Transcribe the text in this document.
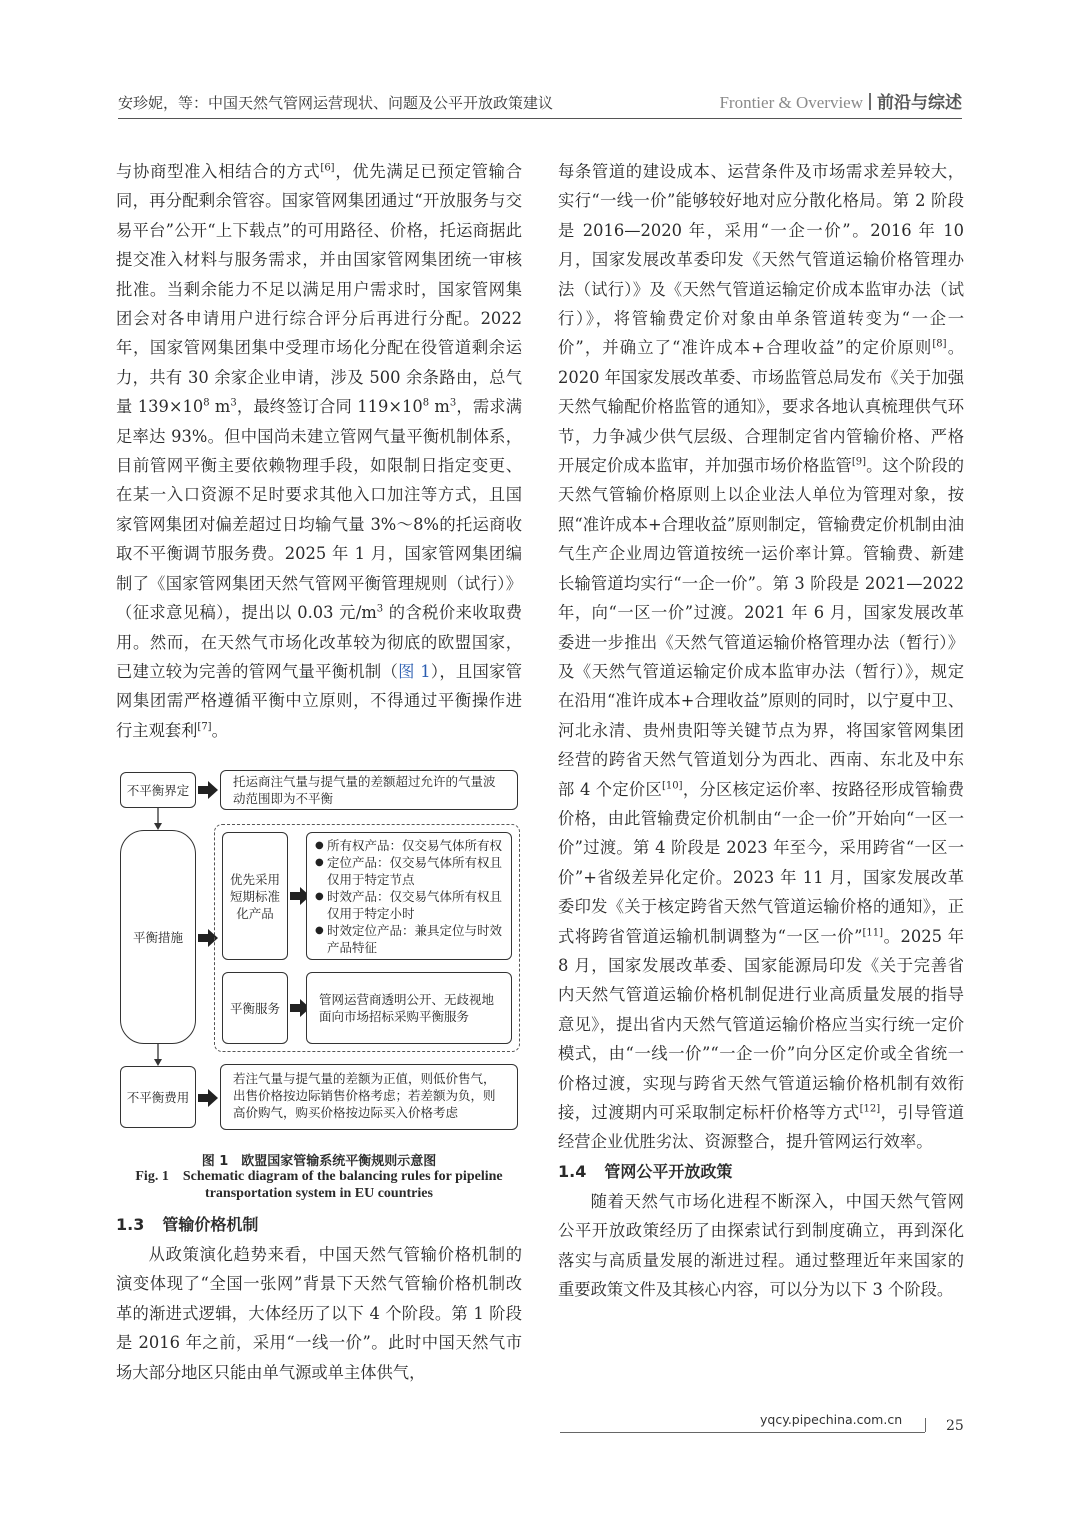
安珍妮，等：中国天然气管网运营现状、问题及公平开放政策建议	Frontier & Overview 前沿与综述

与协商型准入相结合的方式[6]，优先满足已预定管输合同，再分配剩余管容。国家管网集团通过“开放服务与交易平台”公开“上下载点”的可用路径、价格，托运商据此提交准入材料与服务需求，并由国家管网集团统一审核批准。当剩余能力不足以满足用户需求时，国家管网集团会对各申请用户进行综合评分后再进行分配。2022 年，国家管网集团集中受理市场化分配在役管道剩余运力，共有 30 余家企业申请，涉及 500 余条路由，总气量 $139\times 10^8$ $m^3$，最终签订合同 $119\times 10^8$ $m^3$，需求满足率达 93%。但中国尚未建立管网气量平衡机制体系，目前管网平衡主要依赖物理手段，如限制日指定变更、在某一入口资源不足时要求其他入口加注等方式，且国家管网集团对偏差超过日均输气量 3%～8%的托运商收取不平衡调节服务费。2025 年 1 月，国家管网集团编制了《国家管网集团天然气管网平衡管理规则（试行）》（征求意见稿），提出以 0.03 元$/m^3$ 的含税价来收取费用。然而，在天然气市场化改革较为彻底的欧盟国家，已建立较为完善的管网气量平衡机制（图 1），且国家管网集团需严格遵循平衡中立原则，不得通过平衡操作进行主观套利[7]。

不平衡界定
托运商注气量与提气量的差额超过允许的气量波动范围即为不平衡
平衡措施
优先采用短期标准化产品
● 所有权产品：仅交易气体所有权
● 定位产品：仅交易气体所有权且仅用于特定节点
● 时效产品：仅交易气体所有权且仅用于特定小时
● 时效定位产品：兼具定位与时效产品特征
平衡服务
管网运营商透明公开、无歧视地面向市场招标采购平衡服务
不平衡费用
若注气量与提气量的差额为正值，则低价售气，出售价格按边际销售价格考虑；若差额为负，则高价购气，购买价格按边际买入价格考虑
图 1　欧盟国家管输系统平衡规则示意图
Fig. 1　Schematic diagram of the balancing rules for pipeline
transportation system in EU countries

1.3 管输价格机制

从政策演化趋势来看，中国天然气管输价格机制的演变体现了“全国一张网”背景下天然气管输价格机制改革的渐进式逻辑，大体经历了以下 4 个阶段。第 1 阶段是 2016 年之前，采用“一线一价”。此时中国天然气市场大部分地区只能由单气源或单主体供气，

每条管道的建设成本、运营条件及市场需求差异较大，实行“一线一价”能够较好地对应分散化格局。第 2 阶段是 2016—2020 年，采用“一企一价”。2016 年 10 月，国家发展改革委印发《天然气管道运输价格管理办法（试行）》及《天然气管道运输定价成本监审办法（试行）》，将管输费定价对象由单条管道转变为“一企一价”，并确立了“准许成本+合理收益”的定价原则[8]。2020 年国家发展改革委、市场监管总局发布《关于加强天然气输配价格监管的通知》，要求各地认真梳理供气环节，力争减少供气层级、合理制定省内管输价格、严格开展定价成本监审，并加强市场价格监管[9]。这个阶段的天然气管输价格原则上以企业法人单位为管理对象，按照“准许成本+合理收益”原则制定，管输费定价机制由油气生产企业周边管道按统一运价率计算。管输费、新建长输管道均实行“一企一价”。第 3 阶段是 2021—2022 年，向“一区一价”过渡。2021 年 6 月，国家发展改革委进一步推出《天然气管道运输价格管理办法（暂行）》及《天然气管道运输定价成本监审办法（暂行）》，规定在沿用“准许成本+合理收益”原则的同时，以宁夏中卫、河北永清、贵州贵阳等关键节点为界，将国家管网集团经营的跨省天然气管道划分为西北、西南、东北及中东部 4 个定价区[10]，分区核定运价率、按路径形成管输费价格，由此管输费定价机制由“一企一价”开始向“一区一价”过渡。第 4 阶段是 2023 年至今，采用跨省“一区一价”+省级差异化定价。2023 年 11 月，国家发展改革委印发《关于核定跨省天然气管道运输价格的通知》，正式将跨省管道运输机制调整为“一区一价”[11]。2025 年 8 月，国家发展改革委、国家能源局印发《关于完善省内天然气管道运输价格机制促进行业高质量发展的指导意见》，提出省内天然气管道运输价格应当实行统一定价模式，由“一线一价”“一企一价”向分区定价或全省统一价格过渡，实现与跨省天然气管道运输价格机制有效衔接，过渡期内可采取制定标杆价格等方式[12]，引导管道经营企业优胜劣汰、资源整合，提升管网运行效率。

1.4 管网公平开放政策

随着天然气市场化进程不断深入，中国天然气管网公平开放政策经历了由探索试行到制度确立，再到深化落实与高质量发展的渐进过程。通过整理近年来国家的重要政策文件及其核心内容，可以分为以下 3 个阶段。

yqcy.pipechina.com.cn	25
